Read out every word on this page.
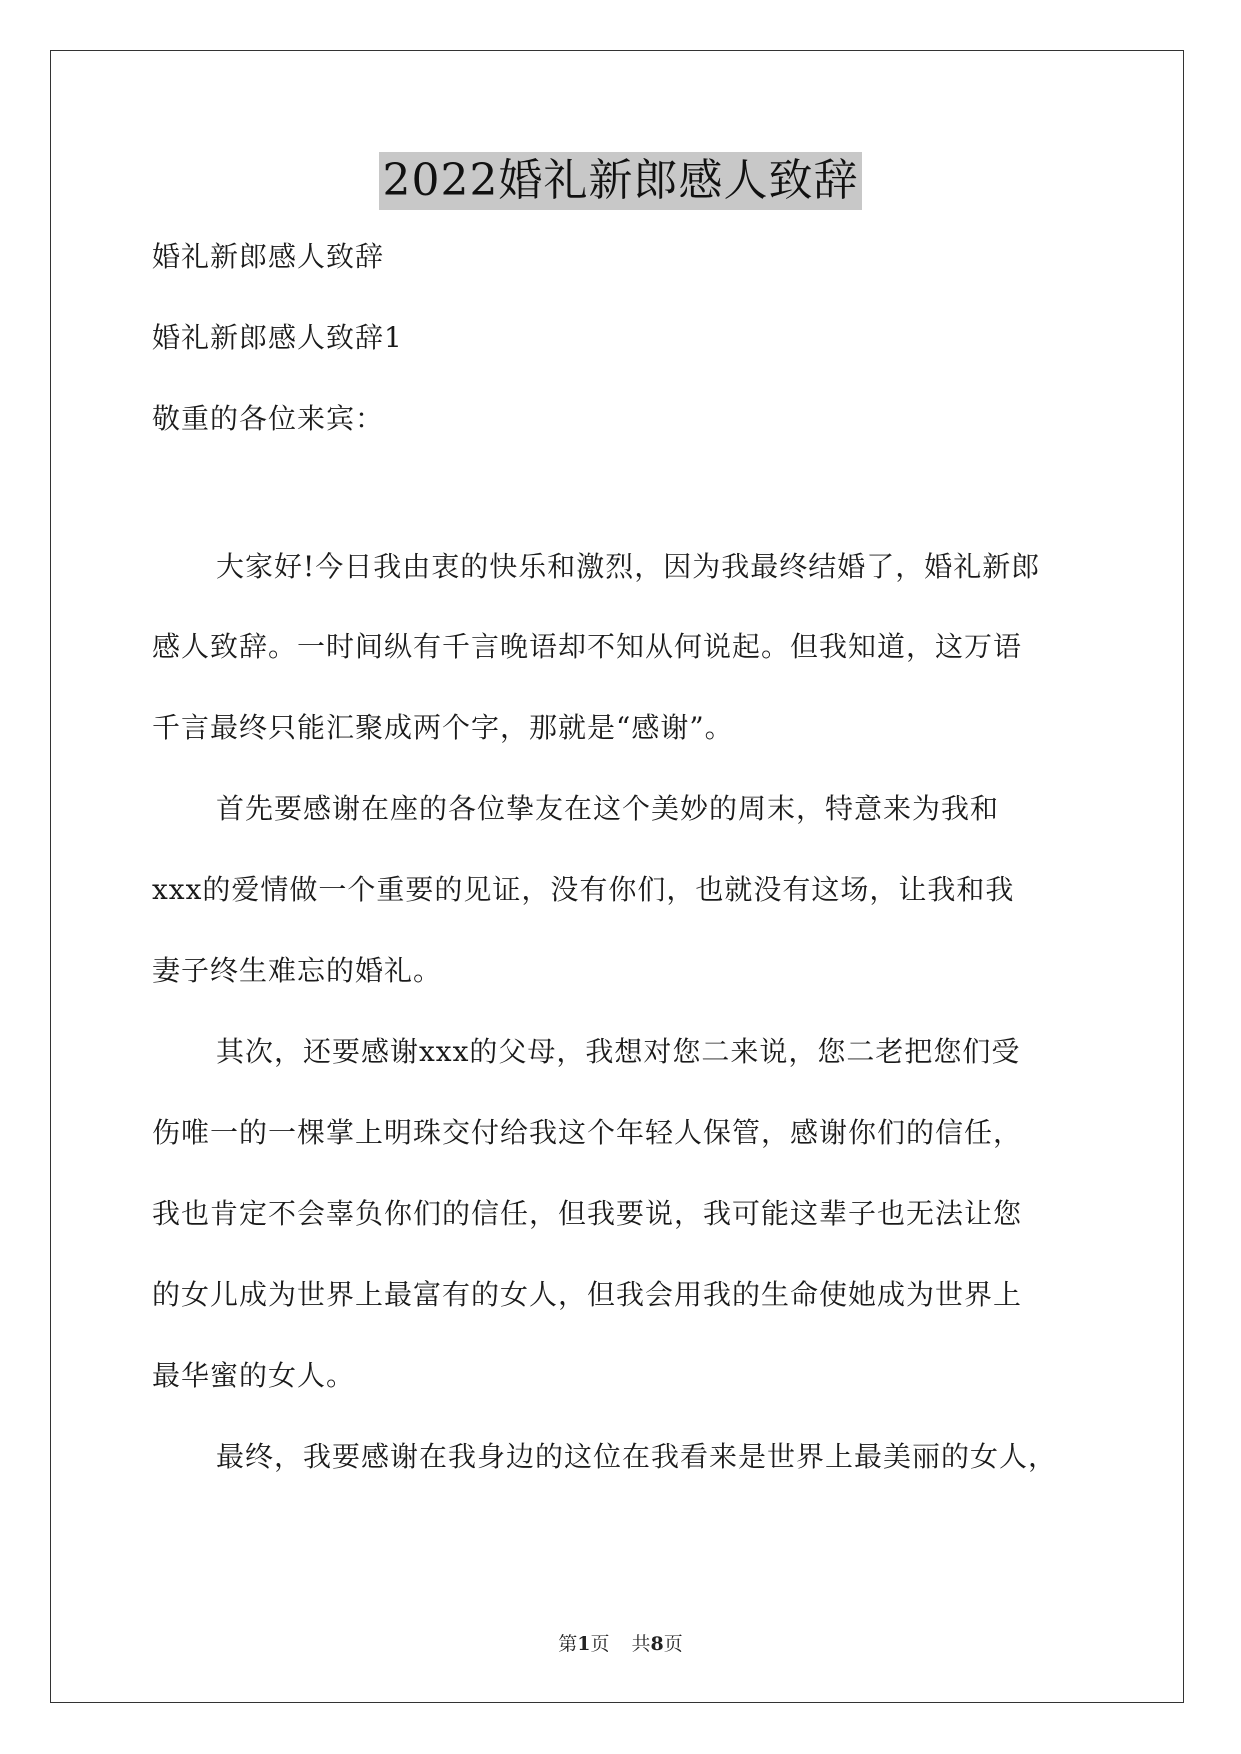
2022婚礼新郎感人致辞
婚礼新郎感人致辞
婚礼新郎感人致辞1
敬重的各位来宾：
大家好!今日我由衷的快乐和激烈，因为我最终结婚了，婚礼新郎
感人致辞。一时间纵有千言晚语却不知从何说起。但我知道，这万语
千言最终只能汇聚成两个字，那就是“感谢”。
首先要感谢在座的各位挚友在这个美妙的周末，特意来为我和
xxx的爱情做一个重要的见证，没有你们，也就没有这场，让我和我
妻子终生难忘的婚礼。
其次，还要感谢xxx的父母，我想对您二来说，您二老把您们受
伤唯一的一棵掌上明珠交付给我这个年轻人保管，感谢你们的信任，
我也肯定不会辜负你们的信任，但我要说，我可能这辈子也无法让您
的女儿成为世界上最富有的女人，但我会用我的生命使她成为世界上
最华蜜的女人。
最终，我要感谢在我身边的这位在我看来是世界上最美丽的女人，
第1页 共8页
